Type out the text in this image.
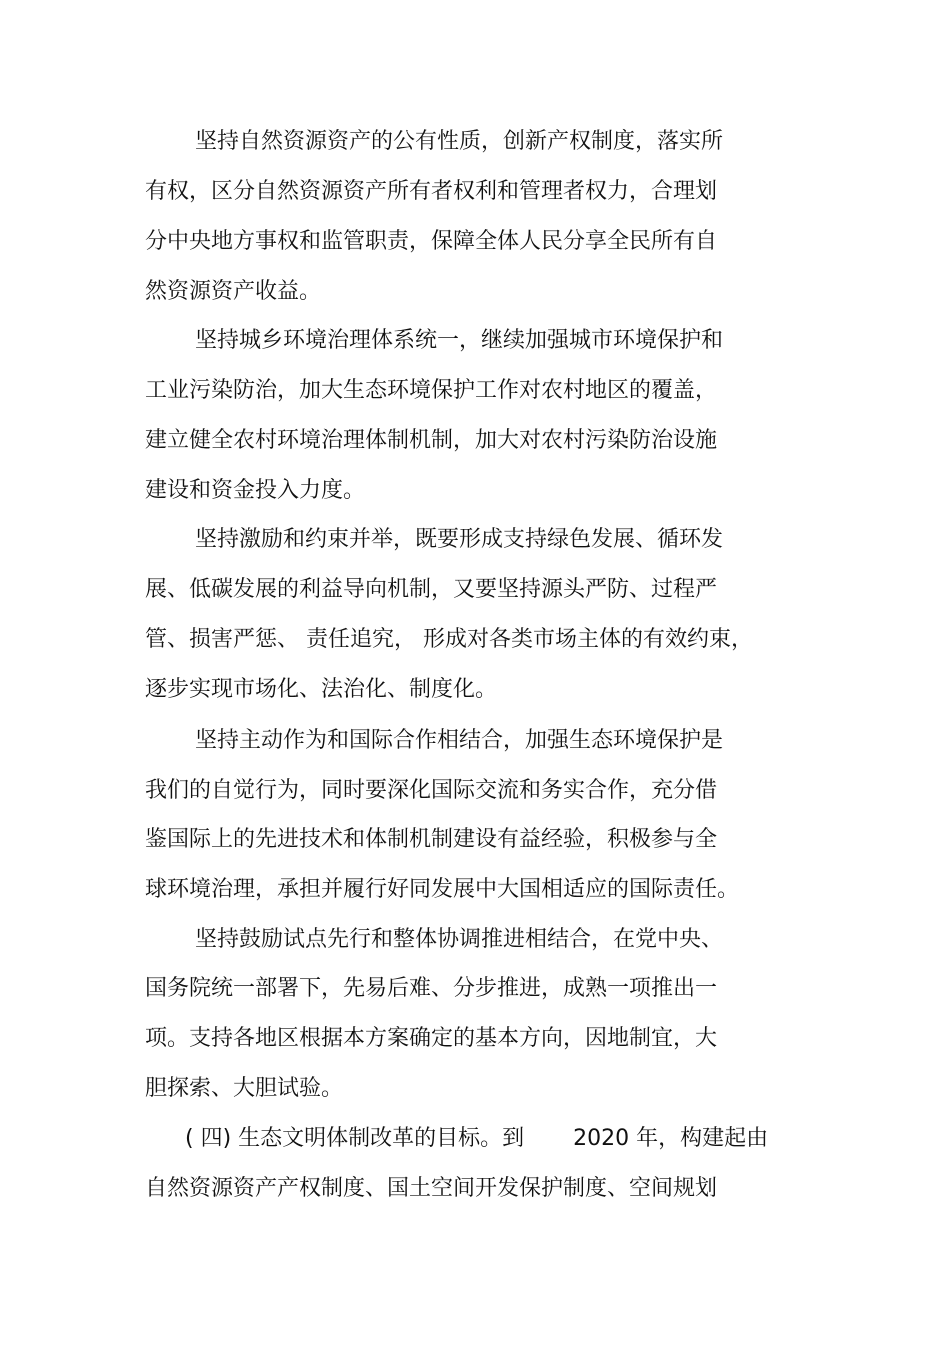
坚持自然资源资产的公有性质，创新产权制度，落实所
有权，区分自然资源资产所有者权利和管理者权力，合理划
分中央地方事权和监管职责，保障全体人民分享全民所有自
然资源资产收益。
坚持城乡环境治理体系统一，继续加强城市环境保护和
工业污染防治，加大生态环境保护工作对农村地区的覆盖，
建立健全农村环境治理体制机制，加大对农村污染防治设施
建设和资金投入力度。
坚持激励和约束并举，既要形成支持绿色发展、循环发
展、低碳发展的利益导向机制，又要坚持源头严防、过程严
管、损害严惩、 责任追究， 形成对各类市场主体的有效约束，
逐步实现市场化、法治化、制度化。
坚持主动作为和国际合作相结合，加强生态环境保护是
我们的自觉行为，同时要深化国际交流和务实合作，充分借
鉴国际上的先进技术和体制机制建设有益经验，积极参与全
球环境治理，承担并履行好同发展中大国相适应的国际责任。
坚持鼓励试点先行和整体协调推进相结合，在党中央、
国务院统一部署下，先易后难、分步推进，成熟一项推出一
项。支持各地区根据本方案确定的基本方向，因地制宜，大
胆探索、大胆试验。
( 四) 生态文明体制改革的目标。到       2020 年，构建起由
自然资源资产产权制度、国土空间开发保护制度、空间规划
